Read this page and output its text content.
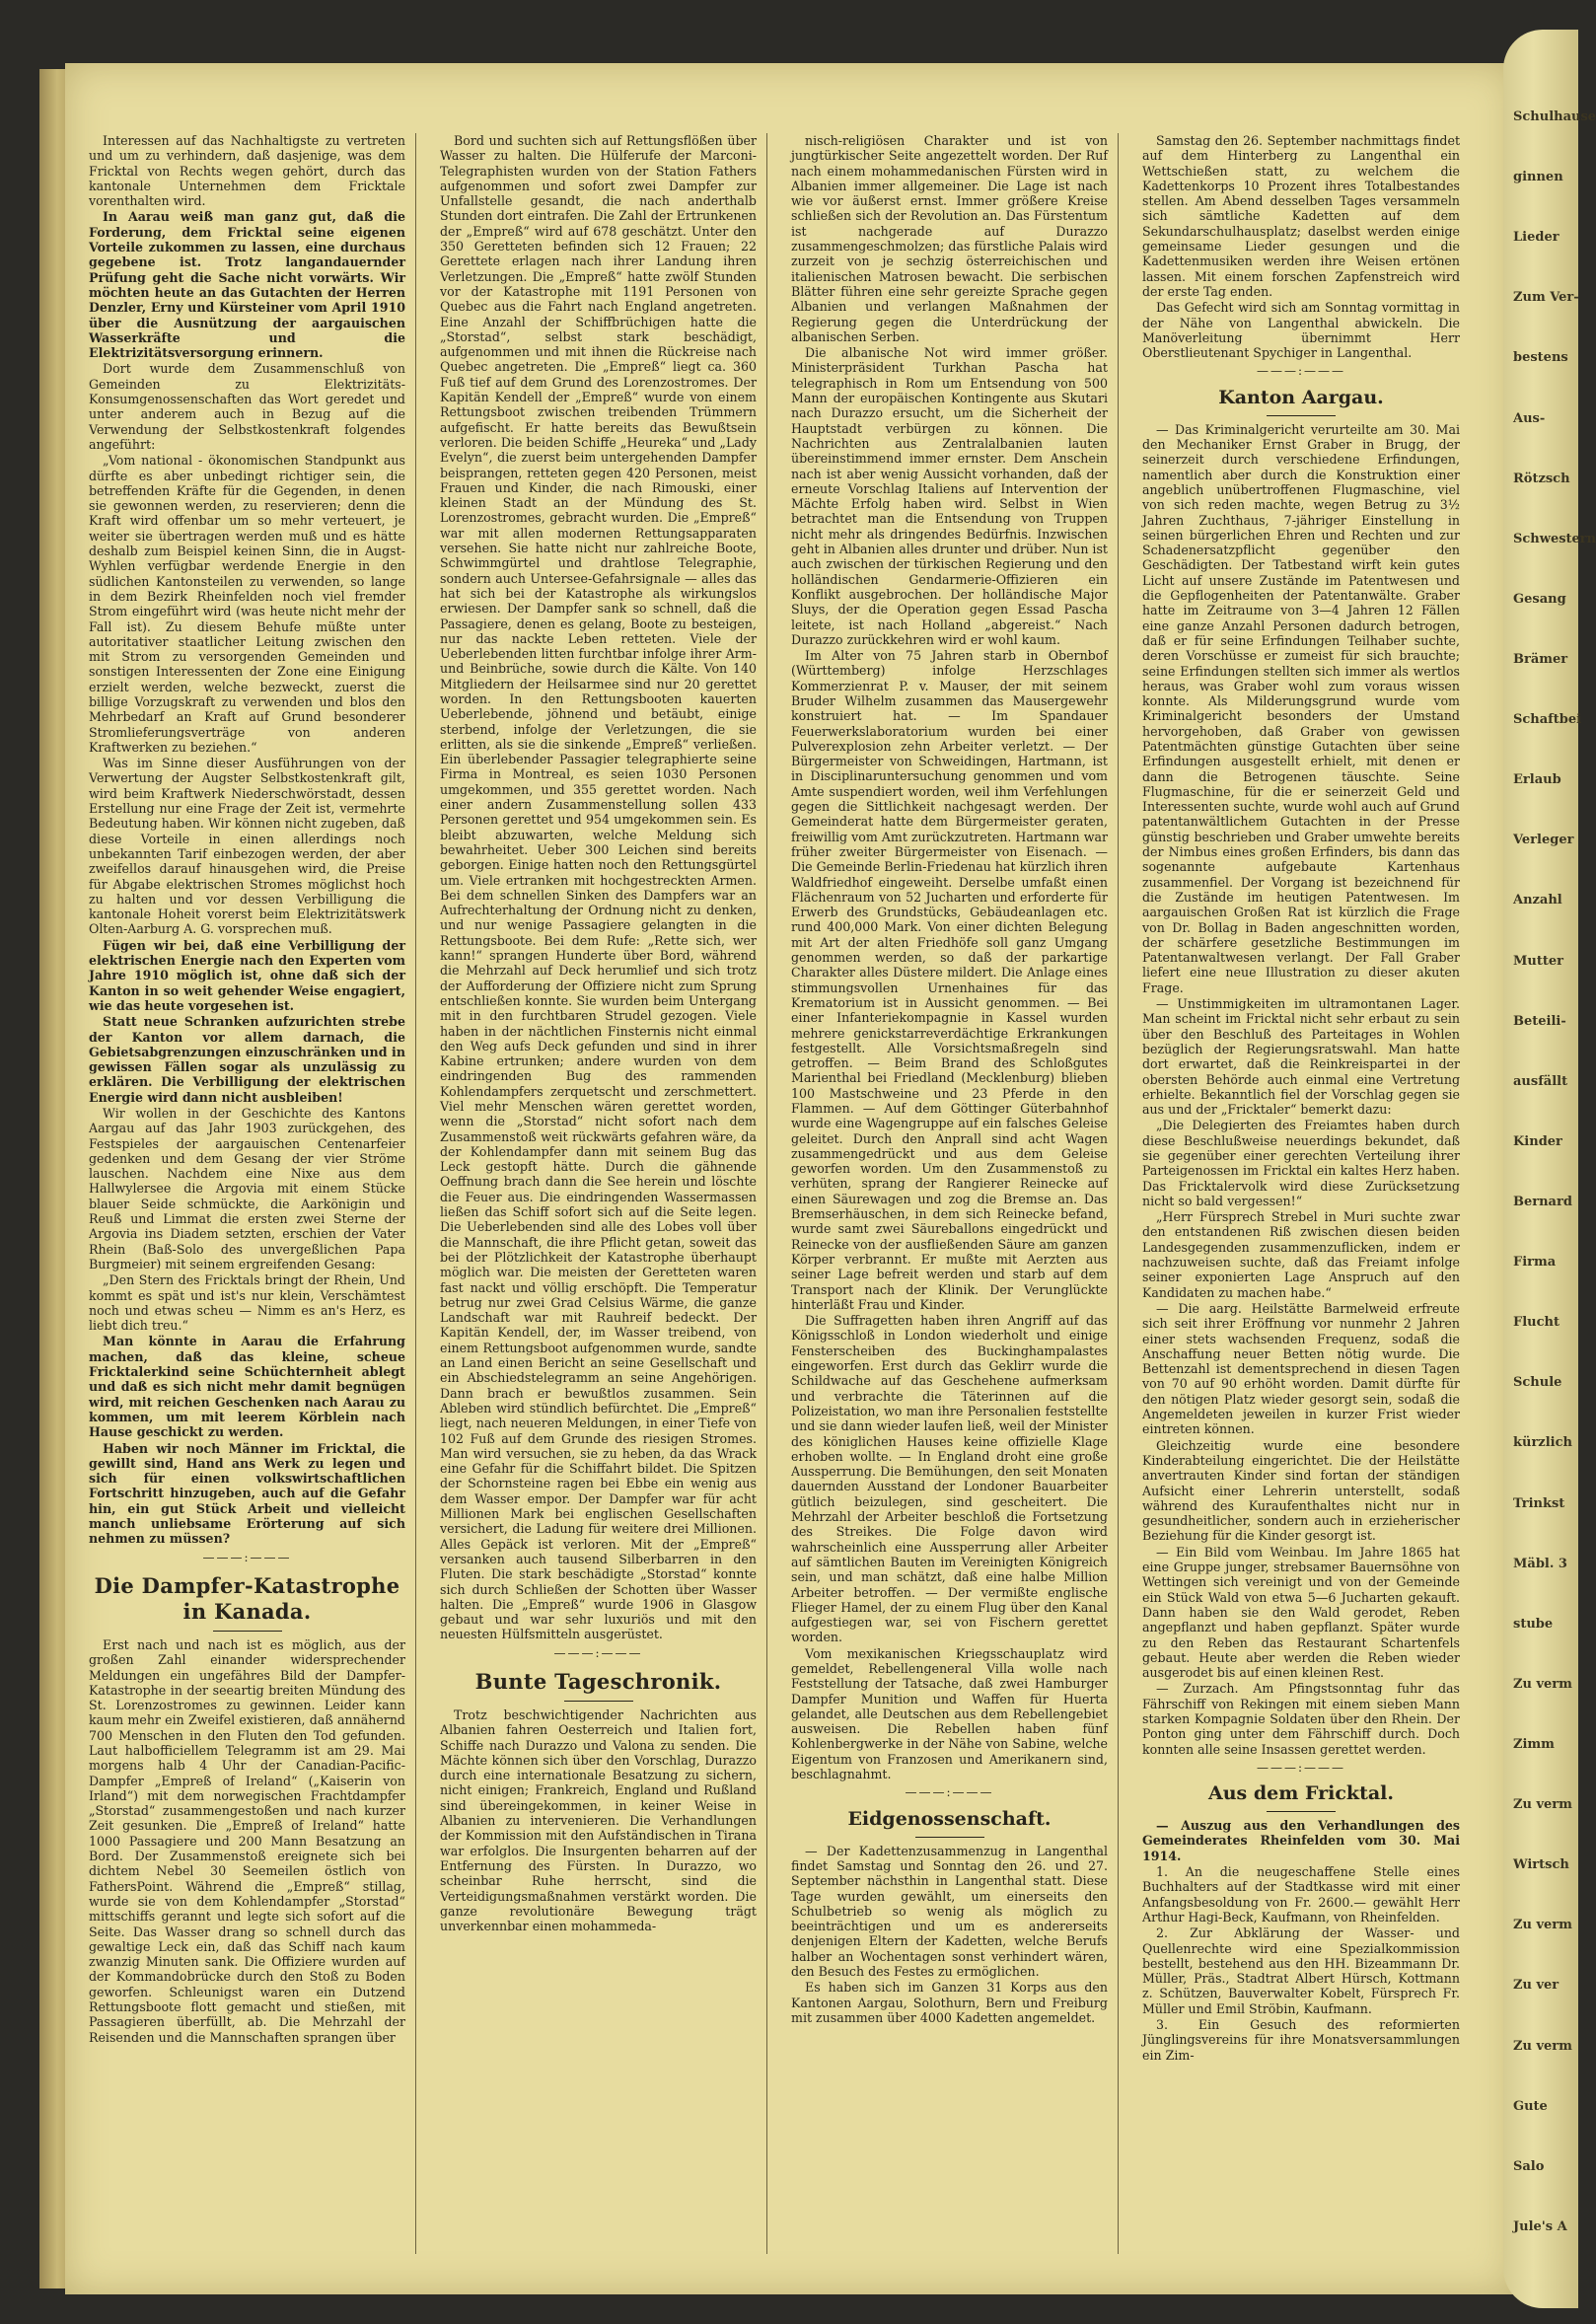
Interessen auf das Nachhaltigste zu vertreten und um zu verhindern, daß dasjenige, was dem Fricktal von Rechts wegen gehört, durch das kantonale Unternehmen dem Fricktale vorenthalten wird.

In Aarau weiß man ganz gut, daß die Forderung, dem Fricktal seine eigenen Vorteile zukommen zu lassen, eine durchaus gegebene ist. Trotz langandauernder Prüfung geht die Sache nicht vorwärts. Wir möchten heute an das Gutachten der Herren Denzler, Erny und Kürsteiner vom April 1910 über die Ausnützung der aargauischen Wasserkräfte und die Elektrizitätsversorgung erinnern.

Dort wurde dem Zusammenschluß von Gemeinden zu Elektrizitäts-Konsumgenossenschaften das Wort geredet und unter anderem auch in Bezug auf die Verwendung der Selbstkostenkraft folgendes angeführt:

„Vom national - ökonomischen Standpunkt aus dürfte es aber unbedingt richtiger sein, die betreffenden Kräfte für die Gegenden, in denen sie gewonnen werden, zu reservieren; denn die Kraft wird offenbar um so mehr verteuert, je weiter sie übertragen werden muß und es hätte deshalb zum Beispiel keinen Sinn, die in Augst-Wyhlen verfügbar werdende Energie in den südlichen Kantonsteilen zu verwenden, so lange in dem Bezirk Rheinfelden noch viel fremder Strom eingeführt wird (was heute nicht mehr der Fall ist). Zu diesem Behufe müßte unter autoritativer staatlicher Leitung zwischen den mit Strom zu versorgenden Gemeinden und sonstigen Interessenten der Zone eine Einigung erzielt werden, welche bezweckt, zuerst die billige Vorzugskraft zu verwenden und blos den Mehrbedarf an Kraft auf Grund besonderer Stromlieferungsverträge von anderen Kraftwerken zu beziehen.“

Was im Sinne dieser Ausführungen von der Verwertung der Augster Selbstkostenkraft gilt, wird beim Kraftwerk Niederschwörstadt, dessen Erstellung nur eine Frage der Zeit ist, vermehrte Bedeutung haben. Wir können nicht zugeben, daß diese Vorteile in einen allerdings noch unbekannten Tarif einbezogen werden, der aber zweifellos darauf hinausgehen wird, die Preise für Abgabe elektrischen Stromes möglichst hoch zu halten und vor dessen Verbilligung die kantonale Hoheit vorerst beim Elektrizitätswerk Olten-Aarburg A. G. vorsprechen muß.

Fügen wir bei, daß eine Verbilligung der elektrischen Energie nach den Experten vom Jahre 1910 möglich ist, ohne daß sich der Kanton in so weit gehender Weise engagiert, wie das heute vorgesehen ist.

Statt neue Schranken aufzurichten strebe der Kanton vor allem darnach, die Gebietsabgrenzungen einzuschränken und in gewissen Fällen sogar als unzulässig zu erklären. Die Verbilligung der elektrischen Energie wird dann nicht ausbleiben!

Wir wollen in der Geschichte des Kantons Aargau auf das Jahr 1903 zurückgehen, des Festspieles der aargauischen Centenarfeier gedenken und dem Gesang der vier Ströme lauschen. Nachdem eine Nixe aus dem Hallwylersee die Argovia mit einem Stücke blauer Seide schmückte, die Aarkönigin und Reuß und Limmat die ersten zwei Sterne der Argovia ins Diadem setzten, erschien der Vater Rhein (Baß-Solo des unvergeßlichen Papa Burgmeier) mit seinem ergreifenden Gesang:

„Den Stern des Fricktals bringt der Rhein, Und kommt es spät und ist's nur klein, Verschämtest noch und etwas scheu — Nimm es an's Herz, es liebt dich treu.“

Man könnte in Aarau die Erfahrung machen, daß das kleine, scheue Fricktalerkind seine Schüchternheit ablegt und daß es sich nicht mehr damit begnügen wird, mit reichen Geschenken nach Aarau zu kommen, um mit leerem Körblein nach Hause geschickt zu werden.

Haben wir noch Männer im Fricktal, die gewillt sind, Hand ans Werk zu legen und sich für einen volkswirtschaftlichen Fortschritt hinzugeben, auch auf die Gefahr hin, ein gut Stück Arbeit und vielleicht manch unliebsame Erörterung auf sich nehmen zu müssen?

———:———
Die Dampfer-Katastrophe in Kanada.

Erst nach und nach ist es möglich, aus der großen Zahl einander widersprechender Meldungen ein ungefähres Bild der Dampfer-Katastrophe in der seeartig breiten Mündung des St. Lorenzostromes zu gewinnen. Leider kann kaum mehr ein Zweifel existieren, daß annähernd 700 Menschen in den Fluten den Tod gefunden. Laut halbofficiellem Telegramm ist am 29. Mai morgens halb 4 Uhr der Canadian-Pacific-Dampfer „Empreß of Ireland“ („Kaiserin von Irland“) mit dem norwegischen Frachtdampfer „Storstad“ zusammengestoßen und nach kurzer Zeit gesunken. Die „Empreß of Ireland“ hatte 1000 Passagiere und 200 Mann Besatzung an Bord. Der Zusammenstoß ereignete sich bei dichtem Nebel 30 Seemeilen östlich von FathersPoint. Während die „Empreß“ stillag, wurde sie von dem Kohlendampfer „Storstad“ mittschiffs gerannt und legte sich sofort auf die Seite. Das Wasser drang so schnell durch das gewaltige Leck ein, daß das Schiff nach kaum zwanzig Minuten sank. Die Offiziere wurden auf der Kommandobrücke durch den Stoß zu Boden geworfen. Schleunigst waren ein Dutzend Rettungsboote flott gemacht und stießen, mit Passagieren überfüllt, ab. Die Mehrzahl der Reisenden und die Mannschaften sprangen über

Bord und suchten sich auf Rettungsflößen über Wasser zu halten. Die Hülferufe der Marconi-Telegraphisten wurden von der Station Fathers aufgenommen und sofort zwei Dampfer zur Unfallstelle gesandt, die nach anderthalb Stunden dort eintrafen. Die Zahl der Ertrunkenen der „Empreß“ wird auf 678 geschätzt. Unter den 350 Geretteten befinden sich 12 Frauen; 22 Gerettete erlagen nach ihrer Landung ihren Verletzungen. Die „Empreß“ hatte zwölf Stunden vor der Katastrophe mit 1191 Personen von Quebec aus die Fahrt nach England angetreten. Eine Anzahl der Schiffbrüchigen hatte die „Storstad“, selbst stark beschädigt, aufgenommen und mit ihnen die Rückreise nach Quebec angetreten. Die „Empreß“ liegt ca. 360 Fuß tief auf dem Grund des Lorenzostromes. Der Kapitän Kendell der „Empreß“ wurde von einem Rettungsboot zwischen treibenden Trümmern aufgefischt. Er hatte bereits das Bewußtsein verloren. Die beiden Schiffe „Heureka“ und „Lady Evelyn“, die zuerst beim untergehenden Dampfer beisprangen, retteten gegen 420 Personen, meist Frauen und Kinder, die nach Rimouski, einer kleinen Stadt an der Mündung des St. Lorenzostromes, gebracht wurden. Die „Empreß“ war mit allen modernen Rettungsapparaten versehen. Sie hatte nicht nur zahlreiche Boote, Schwimmgürtel und drahtlose Telegraphie, sondern auch Untersee-Gefahrsignale — alles das hat sich bei der Katastrophe als wirkungslos erwiesen. Der Dampfer sank so schnell, daß die Passagiere, denen es gelang, Boote zu besteigen, nur das nackte Leben retteten. Viele der Ueberlebenden litten furchtbar infolge ihrer Arm- und Beinbrüche, sowie durch die Kälte. Von 140 Mitgliedern der Heilsarmee sind nur 20 gerettet worden. In den Rettungsbooten kauerten Ueberlebende, jöhnend und betäubt, einige sterbend, infolge der Verletzungen, die sie erlitten, als sie die sinkende „Empreß“ verließen. Ein überlebender Passagier telegraphierte seine Firma in Montreal, es seien 1030 Personen umgekommen, und 355 gerettet worden. Nach einer andern Zusammenstellung sollen 433 Personen gerettet und 954 umgekommen sein. Es bleibt abzuwarten, welche Meldung sich bewahrheitet. Ueber 300 Leichen sind bereits geborgen. Einige hatten noch den Rettungsgürtel um. Viele ertranken mit hochgestreckten Armen. Bei dem schnellen Sinken des Dampfers war an Aufrechterhaltung der Ordnung nicht zu denken, und nur wenige Passagiere gelangten in die Rettungsboote. Bei dem Rufe: „Rette sich, wer kann!“ sprangen Hunderte über Bord, während die Mehrzahl auf Deck herumlief und sich trotz der Aufforderung der Offiziere nicht zum Sprung entschließen konnte. Sie wurden beim Untergang mit in den furchtbaren Strudel gezogen. Viele haben in der nächtlichen Finsternis nicht einmal den Weg aufs Deck gefunden und sind in ihrer Kabine ertrunken; andere wurden von dem eindringenden Bug des rammenden Kohlendampfers zerquetscht und zerschmettert. Viel mehr Menschen wären gerettet worden, wenn die „Storstad“ nicht sofort nach dem Zusammenstoß weit rückwärts gefahren wäre, da der Kohlendampfer dann mit seinem Bug das Leck gestopft hätte. Durch die gähnende Oeffnung brach dann die See herein und löschte die Feuer aus. Die eindringenden Wassermassen ließen das Schiff sofort sich auf die Seite legen. Die Ueberlebenden sind alle des Lobes voll über die Mannschaft, die ihre Pflicht getan, soweit das bei der Plötzlichkeit der Katastrophe überhaupt möglich war. Die meisten der Geretteten waren fast nackt und völlig erschöpft. Die Temperatur betrug nur zwei Grad Celsius Wärme, die ganze Landschaft war mit Rauhreif bedeckt. Der Kapitän Kendell, der, im Wasser treibend, von einem Rettungsboot aufgenommen wurde, sandte an Land einen Bericht an seine Gesellschaft und ein Abschiedstelegramm an seine Angehörigen. Dann brach er bewußtlos zusammen. Sein Ableben wird stündlich befürchtet. Die „Empreß“ liegt, nach neueren Meldungen, in einer Tiefe von 102 Fuß auf dem Grunde des riesigen Stromes. Man wird versuchen, sie zu heben, da das Wrack eine Gefahr für die Schiffahrt bildet. Die Spitzen der Schornsteine ragen bei Ebbe ein wenig aus dem Wasser empor. Der Dampfer war für acht Millionen Mark bei englischen Gesellschaften versichert, die Ladung für weitere drei Millionen. Alles Gepäck ist verloren. Mit der „Empreß“ versanken auch tausend Silberbarren in den Fluten. Die stark beschädigte „Storstad“ konnte sich durch Schließen der Schotten über Wasser halten. Die „Empreß“ wurde 1906 in Glasgow gebaut und war sehr luxuriös und mit den neuesten Hülfsmitteln ausgerüstet.

———:———
Bunte Tageschronik.

Trotz beschwichtigender Nachrichten aus Albanien fahren Oesterreich und Italien fort, Schiffe nach Durazzo und Valona zu senden. Die Mächte können sich über den Vorschlag, Durazzo durch eine internationale Besatzung zu sichern, nicht einigen; Frankreich, England und Rußland sind übereingekommen, in keiner Weise in Albanien zu intervenieren. Die Verhandlungen der Kommission mit den Aufständischen in Tirana war erfolglos. Die Insurgenten beharren auf der Entfernung des Fürsten. In Durazzo, wo scheinbar Ruhe herrscht, sind die Verteidigungsmaßnahmen verstärkt worden. Die ganze revolutionäre Bewegung trägt unverkennbar einen mohammeda-

nisch-religiösen Charakter und ist von jungtürkischer Seite angezettelt worden. Der Ruf nach einem mohammedanischen Fürsten wird in Albanien immer allgemeiner. Die Lage ist nach wie vor äußerst ernst. Immer größere Kreise schließen sich der Revolution an. Das Fürstentum ist nachgerade auf Durazzo zusammengeschmolzen; das fürstliche Palais wird zurzeit von je sechzig österreichischen und italienischen Matrosen bewacht. Die serbischen Blätter führen eine sehr gereizte Sprache gegen Albanien und verlangen Maßnahmen der Regierung gegen die Unterdrückung der albanischen Serben.

Die albanische Not wird immer größer. Ministerpräsident Turkhan Pascha hat telegraphisch in Rom um Entsendung von 500 Mann der europäischen Kontingente aus Skutari nach Durazzo ersucht, um die Sicherheit der Hauptstadt verbürgen zu können. Die Nachrichten aus Zentralalbanien lauten übereinstimmend immer ernster. Dem Anschein nach ist aber wenig Aussicht vorhanden, daß der erneute Vorschlag Italiens auf Intervention der Mächte Erfolg haben wird. Selbst in Wien betrachtet man die Entsendung von Truppen nicht mehr als dringendes Bedürfnis. Inzwischen geht in Albanien alles drunter und drüber. Nun ist auch zwischen der türkischen Regierung und den holländischen Gendarmerie-Offizieren ein Konflikt ausgebrochen. Der holländische Major Sluys, der die Operation gegen Essad Pascha leitete, ist nach Holland „abgereist.“ Nach Durazzo zurückkehren wird er wohl kaum.

Im Alter von 75 Jahren starb in Obernbof (Württemberg) infolge Herzschlages Kommerzienrat P. v. Mauser, der mit seinem Bruder Wilhelm zusammen das Mausergewehr konstruiert hat. — Im Spandauer Feuerwerkslaboratorium wurden bei einer Pulverexplosion zehn Arbeiter verletzt. — Der Bürgermeister von Schweidingen, Hartmann, ist in Disciplinaruntersuchung genommen und vom Amte suspendiert worden, weil ihm Verfehlungen gegen die Sittlichkeit nachgesagt werden. Der Gemeinderat hatte dem Bürgermeister geraten, freiwillig vom Amt zurückzutreten. Hartmann war früher zweiter Bürgermeister von Eisenach. — Die Gemeinde Berlin-Friedenau hat kürzlich ihren Waldfriedhof eingeweiht. Derselbe umfaßt einen Flächenraum von 52 Jucharten und erforderte für Erwerb des Grundstücks, Gebäudeanlagen etc. rund 400,000 Mark. Von einer dichten Belegung mit Art der alten Friedhöfe soll ganz Umgang genommen werden, so daß der parkartige Charakter alles Düstere mildert. Die Anlage eines stimmungsvollen Urnenhaines für das Krematorium ist in Aussicht genommen. — Bei einer Infanteriekompagnie in Kassel wurden mehrere genickstarreverdächtige Erkrankungen festgestellt. Alle Vorsichtsmaßregeln sind getroffen. — Beim Brand des Schloßgutes Marienthal bei Friedland (Mecklenburg) blieben 100 Mastschweine und 23 Pferde in den Flammen. — Auf dem Göttinger Güterbahnhof wurde eine Wagengruppe auf ein falsches Geleise geleitet. Durch den Anprall sind acht Wagen zusammengedrückt und aus dem Geleise geworfen worden. Um den Zusammenstoß zu verhüten, sprang der Rangierer Reinecke auf einen Säurewagen und zog die Bremse an. Das Bremserhäuschen, in dem sich Reinecke befand, wurde samt zwei Säureballons eingedrückt und Reinecke von der ausfließenden Säure am ganzen Körper verbrannt. Er mußte mit Aerzten aus seiner Lage befreit werden und starb auf dem Transport nach der Klinik. Der Verunglückte hinterläßt Frau und Kinder.

Die Suffragetten haben ihren Angriff auf das Königsschloß in London wiederholt und einige Fensterscheiben des Buckinghampalastes eingeworfen. Erst durch das Geklirr wurde die Schildwache auf das Geschehene aufmerksam und verbrachte die Täterinnen auf die Polizeistation, wo man ihre Personalien feststellte und sie dann wieder laufen ließ, weil der Minister des königlichen Hauses keine offizielle Klage erhoben wollte. — In England droht eine große Aussperrung. Die Bemühungen, den seit Monaten dauernden Ausstand der Londoner Bauarbeiter gütlich beizulegen, sind gescheitert. Die Mehrzahl der Arbeiter beschloß die Fortsetzung des Streikes. Die Folge davon wird wahrscheinlich eine Aussperrung aller Arbeiter auf sämtlichen Bauten im Vereinigten Königreich sein, und man schätzt, daß eine halbe Million Arbeiter betroffen. — Der vermißte englische Flieger Hamel, der zu einem Flug über den Kanal aufgestiegen war, sei von Fischern gerettet worden.

Vom mexikanischen Kriegsschauplatz wird gemeldet, Rebellengeneral Villa wolle nach Feststellung der Tatsache, daß zwei Hamburger Dampfer Munition und Waffen für Huerta gelandet, alle Deutschen aus dem Rebellengebiet ausweisen. Die Rebellen haben fünf Kohlenbergwerke in der Nähe von Sabine, welche Eigentum von Franzosen und Amerikanern sind, beschlagnahmt.

———:———
Eidgenossenschaft.

— Der Kadettenzusammenzug in Langenthal findet Samstag und Sonntag den 26. und 27. September nächsthin in Langenthal statt. Diese Tage wurden gewählt, um einerseits den Schulbetrieb so wenig als möglich zu beeinträchtigen und um es andererseits denjenigen Eltern der Kadetten, welche Berufs halber an Wochentagen sonst verhindert wären, den Besuch des Festes zu ermöglichen.

Es haben sich im Ganzen 31 Korps aus den Kantonen Aargau, Solothurn, Bern und Freiburg mit zusammen über 4000 Kadetten angemeldet.

Samstag den 26. September nachmittags findet auf dem Hinterberg zu Langenthal ein Wettschießen statt, zu welchem die Kadettenkorps 10 Prozent ihres Totalbestandes stellen. Am Abend desselben Tages versammeln sich sämtliche Kadetten auf dem Sekundarschulhausplatz; daselbst werden einige gemeinsame Lieder gesungen und die Kadettenmusiken werden ihre Weisen ertönen lassen. Mit einem forschen Zapfenstreich wird der erste Tag enden.

Das Gefecht wird sich am Sonntag vormittag in der Nähe von Langenthal abwickeln. Die Manöverleitung übernimmt Herr Oberstlieutenant Spychiger in Langenthal.

———:———
Kanton Aargau.

— Das Kriminalgericht verurteilte am 30. Mai den Mechaniker Ernst Graber in Brugg, der seinerzeit durch verschiedene Erfindungen, namentlich aber durch die Konstruktion einer angeblich unübertroffenen Flugmaschine, viel von sich reden machte, wegen Betrug zu 3½ Jahren Zuchthaus, 7-jähriger Einstellung in seinen bürgerlichen Ehren und Rechten und zur Schadenersatzpflicht gegenüber den Geschädigten. Der Tatbestand wirft kein gutes Licht auf unsere Zustände im Patentwesen und die Gepflogenheiten der Patentanwälte. Graber hatte im Zeitraume von 3—4 Jahren 12 Fällen eine ganze Anzahl Personen dadurch betrogen, daß er für seine Erfindungen Teilhaber suchte, deren Vorschüsse er zumeist für sich brauchte; seine Erfindungen stellten sich immer als wertlos heraus, was Graber wohl zum voraus wissen konnte. Als Milderungsgrund wurde vom Kriminalgericht besonders der Umstand hervorgehoben, daß Graber von gewissen Patentmächten günstige Gutachten über seine Erfindungen ausgestellt erhielt, mit denen er dann die Betrogenen täuschte. Seine Flugmaschine, für die er seinerzeit Geld und Interessenten suchte, wurde wohl auch auf Grund patentanwältlichem Gutachten in der Presse günstig beschrieben und Graber umwehte bereits der Nimbus eines großen Erfinders, bis dann das sogenannte aufgebaute Kartenhaus zusammenfiel. Der Vorgang ist bezeichnend für die Zustände im heutigen Patentwesen. Im aargauischen Großen Rat ist kürzlich die Frage von Dr. Bollag in Baden angeschnitten worden, der schärfere gesetzliche Bestimmungen im Patentanwaltwesen verlangt. Der Fall Graber liefert eine neue Illustration zu dieser akuten Frage.

— Unstimmigkeiten im ultramontanen Lager. Man scheint im Fricktal nicht sehr erbaut zu sein über den Beschluß des Parteitages in Wohlen bezüglich der Regierungsratswahl. Man hatte dort erwartet, daß die Reinkreispartei in der obersten Behörde auch einmal eine Vertretung erhielte. Bekanntlich fiel der Vorschlag gegen sie aus und der „Fricktaler“ bemerkt dazu:

„Die Delegierten des Freiamtes haben durch diese Beschlußweise neuerdings bekundet, daß sie gegenüber einer gerechten Verteilung ihrer Parteigenossen im Fricktal ein kaltes Herz haben. Das Fricktalervolk wird diese Zurücksetzung nicht so bald vergessen!“

„Herr Fürsprech Strebel in Muri suchte zwar den entstandenen Riß zwischen diesen beiden Landesgegenden zusammenzuflicken, indem er nachzuweisen suchte, daß das Freiamt infolge seiner exponierten Lage Anspruch auf den Kandidaten zu machen habe.“

— Die aarg. Heilstätte Barmelweid erfreute sich seit ihrer Eröffnung vor nunmehr 2 Jahren einer stets wachsenden Frequenz, sodaß die Anschaffung neuer Betten nötig wurde. Die Bettenzahl ist dementsprechend in diesen Tagen von 70 auf 90 erhöht worden. Damit dürfte für den nötigen Platz wieder gesorgt sein, sodaß die Angemeldeten jeweilen in kurzer Frist wieder eintreten können.

Gleichzeitig wurde eine besondere Kinderabteilung eingerichtet. Die der Heilstätte anvertrauten Kinder sind fortan der ständigen Aufsicht einer Lehrerin unterstellt, sodaß während des Kuraufenthaltes nicht nur in gesundheitlicher, sondern auch in erzieherischer Beziehung für die Kinder gesorgt ist.

— Ein Bild vom Weinbau. Im Jahre 1865 hat eine Gruppe junger, strebsamer Bauernsöhne von Wettingen sich vereinigt und von der Gemeinde ein Stück Wald von etwa 5—6 Jucharten gekauft. Dann haben sie den Wald gerodet, Reben angepflanzt und haben gepflanzt. Später wurde zu den Reben das Restaurant Schartenfels gebaut. Heute aber werden die Reben wieder ausgerodet bis auf einen kleinen Rest.

— Zurzach. Am Pfingstsonntag fuhr das Fährschiff von Rekingen mit einem sieben Mann starken Kompagnie Soldaten über den Rhein. Der Ponton ging unter dem Fährschiff durch. Doch konnten alle seine Insassen gerettet werden.

———:———
Aus dem Fricktal.

— Auszug aus den Verhandlungen des Gemeinderates Rheinfelden vom 30. Mai 1914.

1. An die neugeschaffene Stelle eines Buchhalters auf der Stadtkasse wird mit einer Anfangsbesoldung von Fr. 2600.— gewählt Herr Arthur Hagi-Beck, Kaufmann, von Rheinfelden.

2. Zur Abklärung der Wasser- und Quellenrechte wird eine Spezialkommission bestellt, bestehend aus den HH. Bizeammann Dr. Müller, Präs., Stadtrat Albert Hürsch, Kottmann z. Schützen, Bauverwalter Kobelt, Fürsprech Fr. Müller und Emil Ströbin, Kaufmann.

3. Ein Gesuch des reformierten Jünglingsvereins für ihre Monatsversammlungen ein Zim-

Schulhause
ginnen
Lieder
Zum Ver-
bestens
Aus-
Rötzsch
Schwestern
Gesang
Brämer
Schaftbei
Erlaub
Verleger
Anzahl
Mutter
Beteili-
ausfällt
Kinder
Bernard
Firma
Flucht
Schule
kürzlich
Trinkst
Mäbl. 3
stube
Zu verm
Zimm
Zu verm
Wirtsch
Zu verm
Zu ver
Zu verm
Gute
Salo
Jule's A
